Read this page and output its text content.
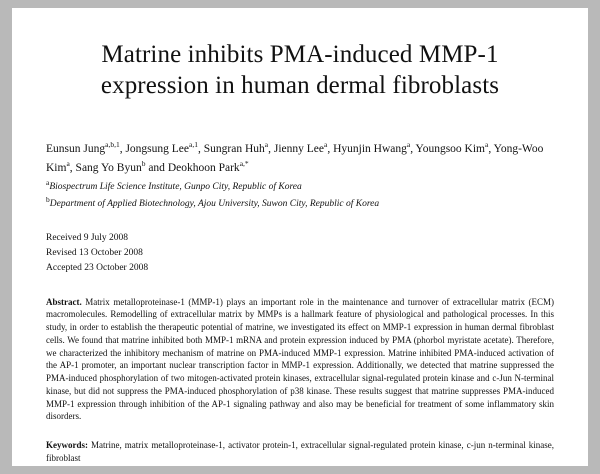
Matrine inhibits PMA-induced MMP-1
expression in human dermal fibroblasts
Eunsun Jung$^{a,b,1}$, Jongsung Lee$^{a,1}$, Sungran Huh$^a$, Jienny Lee$^a$, Hyunjin Hwang$^a$, Youngsoo Kim$^a$, Yong-Woo Kim$^a$, Sang Yo Byun$^b$ and Deokhoon Park$^{a,*}$
$^a$Biospectrum Life Science Institute, Gunpo City, Republic of Korea
$^b$Department of Applied Biotechnology, Ajou University, Suwon City, Republic of Korea
Received 9 July 2008
Revised 13 October 2008
Accepted 23 October 2008
Abstract. Matrix metalloproteinase-1 (MMP-1) plays an important role in the maintenance and turnover of extracellular matrix (ECM) macromolecules. Remodelling of extracellular matrix by MMPs is a hallmark feature of physiological and pathological processes. In this study, in order to establish the therapeutic potential of matrine, we investigated its effect on MMP-1 expression in human dermal fibroblast cells. We found that matrine inhibited both MMP-1 mRNA and protein expression induced by PMA (phorbol myristate acetate). Therefore, we characterized the inhibitory mechanism of matrine on PMA-induced MMP-1 expression. Matrine inhibited PMA-induced activation of the AP-1 promoter, an important nuclear transcription factor in MMP-1 expression. Additionally, we detected that matrine suppressed the PMA-induced phosphorylation of two mitogen-activated protein kinases, extracellular signal-regulated protein kinase and c-Jun N-terminal kinase, but did not suppress the PMA-induced phosphorylation of p38 kinase. These results suggest that matrine suppresses PMA-induced MMP-1 expression through inhibition of the AP-1 signaling pathway and also may be beneficial for treatment of some inflammatory skin disorders.
Keywords: Matrine, matrix metalloproteinase-1, activator protein-1, extracellular signal-regulated protein kinase, c-jun n-terminal kinase, fibroblast
